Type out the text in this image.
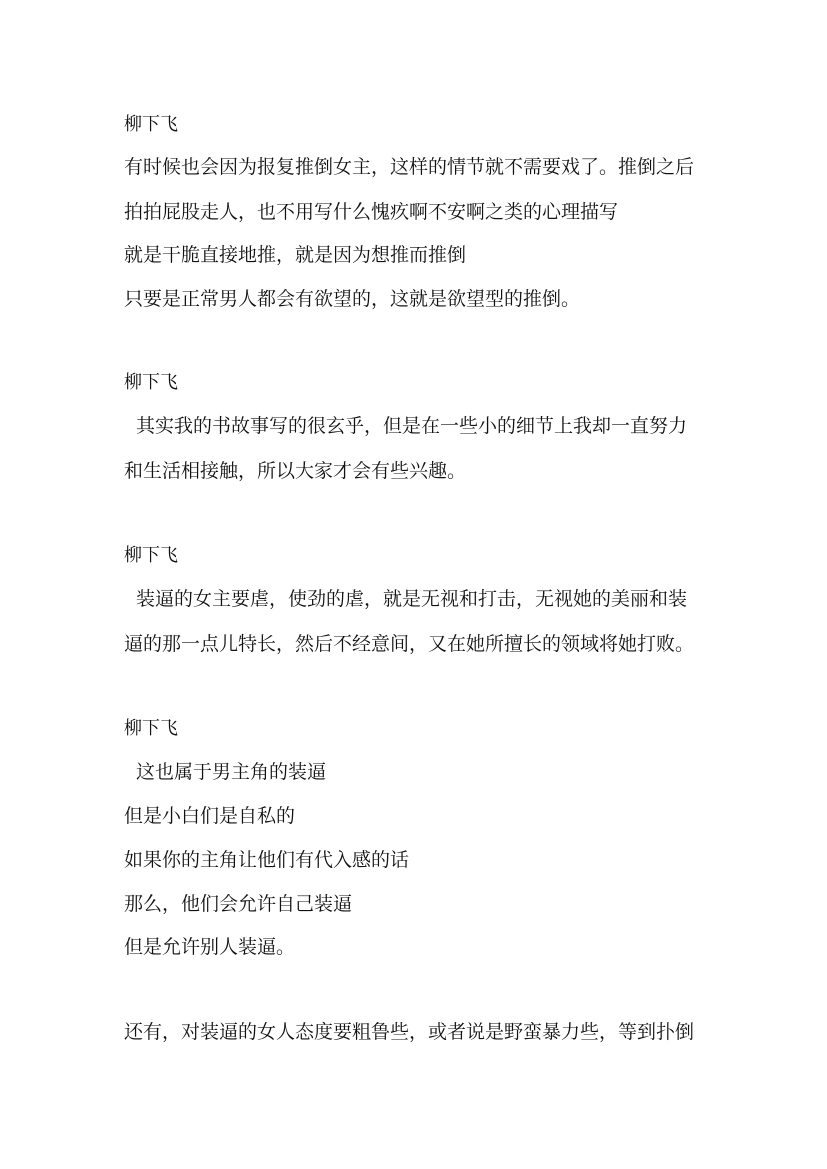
柳下飞
有时候也会因为报复推倒女主，这样的情节就不需要戏了。推倒之后
拍拍屁股走人，也不用写什么愧疚啊不安啊之类的心理描写
就是干脆直接地推，就是因为想推而推倒
只要是正常男人都会有欲望的，这就是欲望型的推倒。
柳下飞
其实我的书故事写的很玄乎，但是在一些小的细节上我却一直努力
和生活相接触，所以大家才会有些兴趣。
柳下飞
装逼的女主要虐，使劲的虐，就是无视和打击，无视她的美丽和装
逼的那一点儿特长，然后不经意间，又在她所擅长的领域将她打败。
柳下飞
这也属于男主角的装逼
但是小白们是自私的
如果你的主角让他们有代入感的话
那么，他们会允许自己装逼
但是允许别人装逼。
还有，对装逼的女人态度要粗鲁些，或者说是野蛮暴力些，等到扑倒
